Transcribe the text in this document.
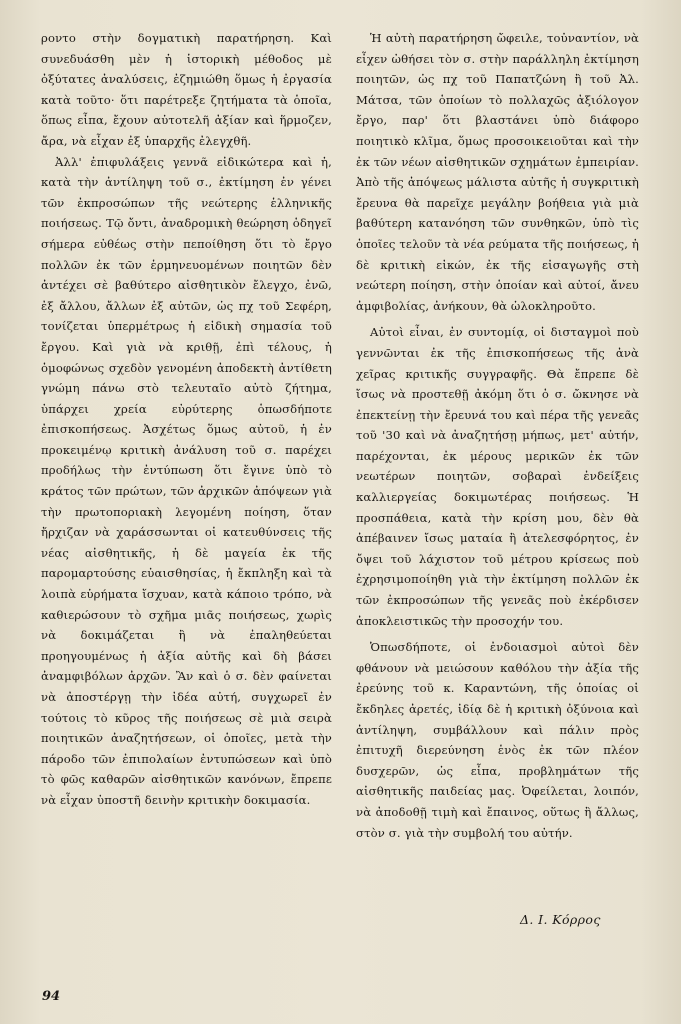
ροντο στὴν δογματικὴ παρατήρηση. Καὶ συνεδυάσθη μὲν ἡ ἱστορικὴ μέθοδος μὲ ὀξύτατες ἀναλύσεις, ἐζημιώθη ὅμως ἡ ἐργασία κατὰ τοῦτο· ὅτι παρέτρεξε ζητήματα τὰ ὁποῖα, ὅπως εἶπα, ἔχουν αὐτοτελῆ ἀξίαν καὶ ἥρμοζεν, ἄρα, νὰ εἶχαν ἐξ ὑπαρχῆς ἐλεγχθῆ.

Ἀλλ' ἐπιφυλάξεις γεννᾶ εἰδικώτερα καὶ ἡ, κατὰ τὴν ἀντίληψη τοῦ σ., ἐκτίμηση ἐν γένει τῶν ἐκπροσώπων τῆς νεώτερης ἑλληνικῆς ποιήσεως. Τῷ ὄντι, ἀναδρομικὴ θεώρηση ὁδηγεῖ σήμερα εὐθέως στὴν πεποίθηση ὅτι τὸ ἔργο πολλῶν ἐκ τῶν ἑρμηνευομένων ποιητῶν δὲν ἀντέχει σὲ βαθύτερο αἰσθητικὸν ἔλεγχο, ἐνῶ, ἐξ ἄλλου, ἄλλων ἐξ αὐτῶν, ὡς πχ τοῦ Σεφέρη, τονίζεται ὑπερμέτρως ἡ εἰδικὴ σημασία τοῦ ἔργου. Καὶ γιὰ νὰ κριθῇ, ἐπὶ τέλους, ἡ ὁμοφώνως σχεδὸν γενομένη ἀποδεκτὴ ἀντίθετη γνώμη πάνω στὸ τελευταῖο αὐτὸ ζήτημα, ὑπάρχει χρεία εὐρύτερης ὁπωσδήποτε ἐπισκοπήσεως. Ἀσχέτως ὅμως αὐτοῦ, ἡ ἐν προκειμένῳ κριτικὴ ἀνάλυση τοῦ σ. παρέχει προδήλως τὴν ἐντύπωση ὅτι ἔγινε ὑπὸ τὸ κράτος τῶν πρώτων, τῶν ἀρχικῶν ἀπόψεων γιὰ τὴν πρωτοποριακὴ λεγομένη ποίηση, ὅταν ἤρχιζαν νὰ χαράσσωνται οἱ κατευθύνσεις τῆς νέας αἰσθητικῆς, ἡ δὲ μαγεία ἐκ τῆς παρομαρτούσης εὐαισθησίας, ἡ ἔκπληξη καὶ τὰ λοιπὰ εὑρήματα ἴσχυαν, κατὰ κάποιο τρόπο, νὰ καθιερώσουν τὸ σχῆμα μιᾶς ποιήσεως, χωρὶς νὰ δοκιμάζεται ἢ νὰ ἐπαληθεύεται προηγουμένως ἡ ἀξία αὐτῆς καὶ δὴ βάσει ἀναμφιβόλων ἀρχῶν. Ἂν καὶ ὁ σ. δὲν φαίνεται νὰ ἀποστέργῃ τὴν ἰδέα αὐτή, συγχωρεῖ ἐν τούτοις τὸ κῦρος τῆς ποιήσεως σὲ μιὰ σειρὰ ποιητικῶν ἀναζητήσεων, οἱ ὁποῖες, μετὰ τὴν πάροδο τῶν ἐπιπολαίων ἐντυπώσεων καὶ ὑπὸ τὸ φῶς καθαρῶν αἰσθητικῶν κανόνων, ἔπρεπε νὰ εἶχαν ὑποστῆ δεινὴν κριτικὴν δοκιμασία.

Ἡ αὐτὴ παρατήρηση ὤφειλε, τοὐναντίον, νὰ εἶχεν ὠθήσει τὸν σ. στὴν παράλληλη ἐκτίμηση ποιητῶν, ὡς πχ τοῦ Παπατζώνη ἢ τοῦ Ἀλ. Μάτσα, τῶν ὁποίων τὸ πολλαχῶς ἀξιόλογον ἔργο, παρ' ὅτι βλαστάνει ὑπὸ διάφορο ποιητικὸ κλῖμα, ὅμως προσοικειοῦται καὶ τὴν ἐκ τῶν νέων αἰσθητικῶν σχημάτων ἐμπειρίαν. Ἀπὸ τῆς ἀπόψεως μάλιστα αὐτῆς ἡ συγκριτικὴ ἔρευνα θὰ παρεῖχε μεγάλην βοήθεια γιὰ μιὰ βαθύτερη κατανόηση τῶν συνθηκῶν, ὑπὸ τὶς ὁποῖες τελοῦν τὰ νέα ρεύματα τῆς ποιήσεως, ἡ δὲ κριτικὴ εἰκών, ἐκ τῆς εἰσαγωγῆς στὴ νεώτερη ποίηση, στὴν ὁποίαν καὶ αὐτοί, ἄνευ ἀμφιβολίας, ἀνήκουν, θὰ ὡλοκληροῦτο.

Αὐτοὶ εἶναι, ἐν συντομίᾳ, οἱ δισταγμοὶ ποὺ γεννῶνται ἐκ τῆς ἐπισκοπήσεως τῆς ἀνὰ χεῖρας κριτικῆς συγγραφῆς. Θὰ ἔπρεπε δὲ ἴσως νὰ προστεθῇ ἀκόμη ὅτι ὁ σ. ὤκνησε νὰ ἐπεκτείνῃ τὴν ἔρευνά του καὶ πέρα τῆς γενεᾶς τοῦ '30 καὶ νὰ ἀναζητήσῃ μήπως, μετ' αὐτήν, παρέχονται, ἐκ μέρους μερικῶν ἐκ τῶν νεωτέρων ποιητῶν, σοβαραὶ ἐνδείξεις καλλιεργείας δοκιμωτέρας ποιήσεως. Ἡ προσπάθεια, κατὰ τὴν κρίση μου, δὲν θὰ ἀπέβαινεν ἴσως ματαία ἢ ἀτελεσφόρητος, ἐν ὄψει τοῦ λάχιστον τοῦ μέτρου κρίσεως ποὺ ἐχρησιμοποίηθη γιὰ τὴν ἐκτίμηση πολλῶν ἐκ τῶν ἐκπροσώπων τῆς γενεᾶς ποὺ ἐκέρδισεν ἀποκλειστικῶς τὴν προσοχήν του.

Ὁπωσδήποτε, οἱ ἐνδοιασμοὶ αὐτοὶ δὲν φθάνουν νὰ μειώσουν καθόλου τὴν ἀξία τῆς ἐρεύνης τοῦ κ. Καραντώνη, τῆς ὁποίας οἱ ἔκδηλες ἀρετές, ἰδίᾳ δὲ ἡ κριτικὴ ὀξύνοια καὶ ἀντίληψη, συμβάλλουν καὶ πάλιν πρὸς ἐπιτυχῆ διερεύνηση ἑνὸς ἐκ τῶν πλέον δυσχερῶν, ὡς εἶπα, προβλημάτων τῆς αἰσθητικῆς παιδείας μας. Ὀφείλεται, λοιπόν, νὰ ἀποδοθῇ τιμὴ καὶ ἔπαινος, οὕτως ἢ ἄλλως, στὸν σ. γιὰ τὴν συμβολή του αὐτήν.

Δ. Ι. Κόρρος
94
